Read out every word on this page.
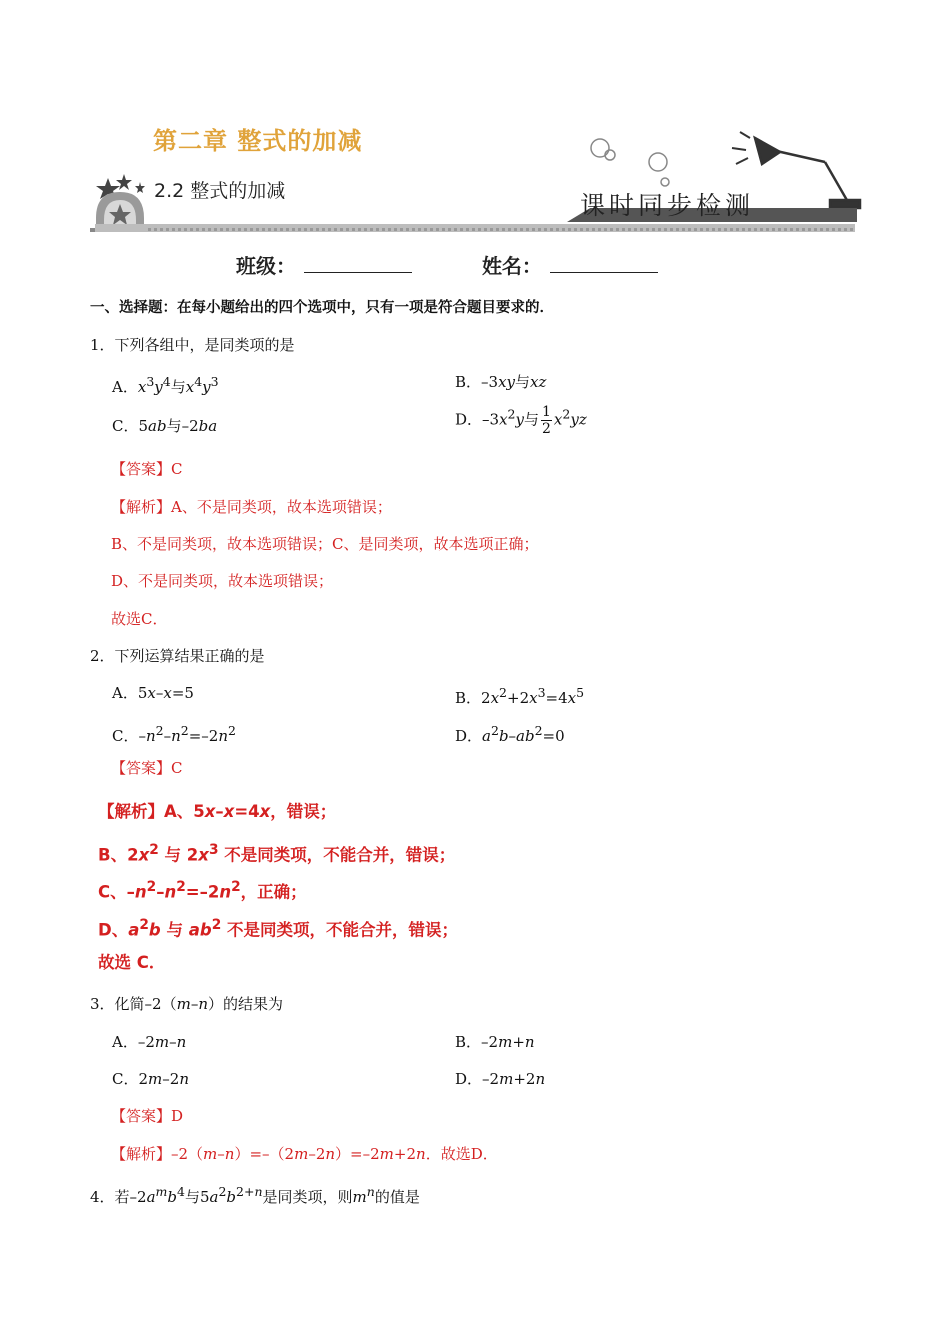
第二章 整式的加减
2.2 整式的加减	课时同步检测
班级：	姓名：
一、选择题：在每小题给出的四个选项中，只有一项是符合题目要求的．
1．下列各组中，是同类项的是
A．$x^3y^4$与$x^4y^3$	B．–3xy与xz
C．5ab与–2ba	D．$-3x^2y$与 $\frac{1}{2} x^2yz$
【答案】C
【解析】A、不是同类项，故本选项错误；
B、不是同类项，故本选项错误；C、是同类项，故本选项正确；
D、不是同类项，故本选项错误；
故选C．
2．下列运算结果正确的是
A．5x–x=5	B．$2x^2+2x^3=4x^5$
C．$-n^2-n^2=-2n^2$	D．$a^2b-ab^2=0$
【答案】C
【解析】A、5x–x=4x，错误；
B、$2x^2$ 与 $2x^3$ 不是同类项，不能合并，错误；
C、$-n^2-n^2=-2n^2$，正确；
D、$a^2b$ 与 $ab^2$ 不是同类项，不能合并，错误；
故选 C．
3．化简–2（m–n）的结果为
A．–2m–n	B．–2m+n
C．2m–2n	D．–2m+2n
【答案】D
【解析】–2（m–n）=–（2m–2n）=–2m+2n．故选D．
4．若$-2a^mb^4$与$5a^2b^{2+n}$是同类项，则$m^n$的值是
